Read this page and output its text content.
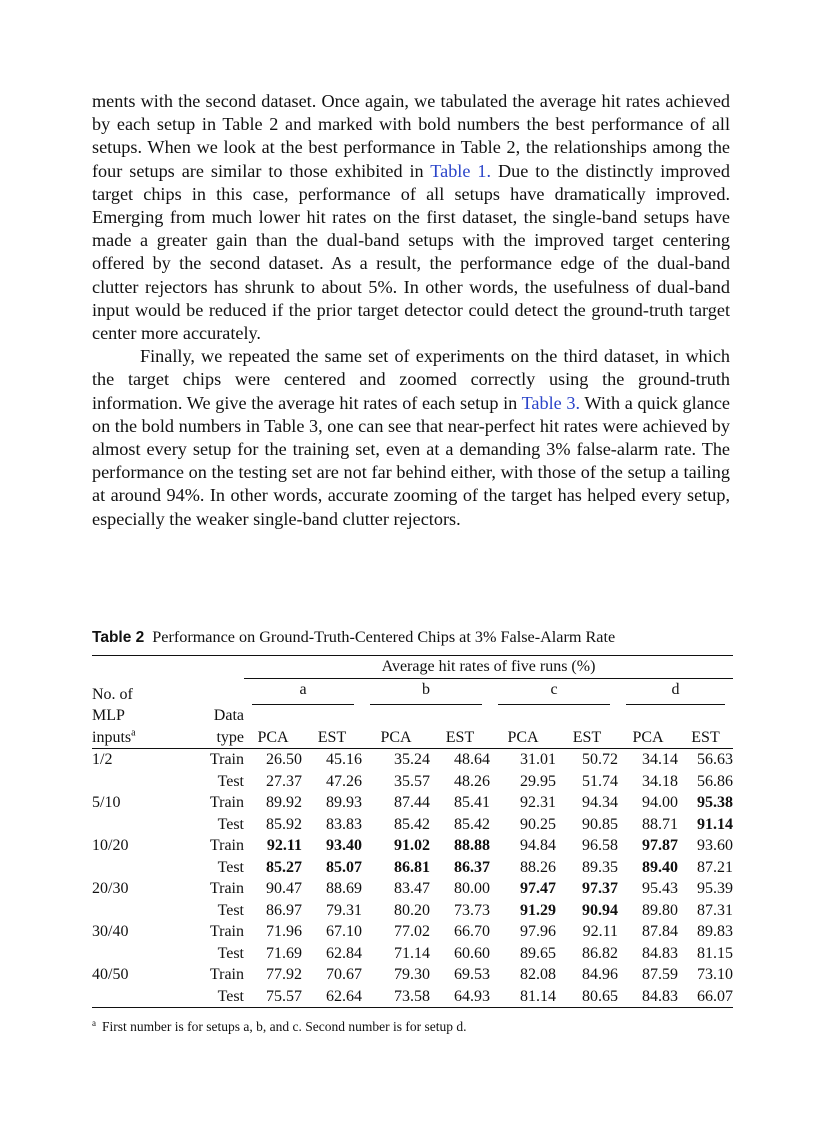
ments with the second dataset. Once again, we tabulated the average hit rates achieved by each setup in Table 2 and marked with bold numbers the best performance of all setups. When we look at the best performance in Table 2, the relationships among the four setups are similar to those exhibited in Table 1. Due to the distinctly improved target chips in this case, performance of all setups have dramatically improved. Emerging from much lower hit rates on the first dataset, the single-band setups have made a greater gain than the dual-band setups with the improved target centering offered by the second dataset. As a result, the performance edge of the dual-band clutter rejectors has shrunk to about 5%. In other words, the usefulness of dual-band input would be reduced if the prior target detector could detect the ground-truth target center more accurately.

Finally, we repeated the same set of experiments on the third dataset, in which the target chips were centered and zoomed correctly using the ground-truth information. We give the average hit rates of each setup in Table 3. With a quick glance on the bold numbers in Table 3, one can see that near-perfect hit rates were achieved by almost every setup for the training set, even at a demanding 3% false-alarm rate. The performance on the testing set are not far behind either, with those of the setup a tailing at around 94%. In other words, accurate zooming of the target has helped every setup, especially the weaker single-band clutter rejectors.

Table 2 Performance on Ground-Truth-Centered Chips at 3% False-Alarm Rate

		Average hit rates of five runs (%)							
No. of		a		b		c		d	

MLP	Data								
inputs$^a$	type	PCA	EST	PCA	EST	PCA	EST	PCA	EST

1/2	Train	26.50	45.16	35.24	48.64	31.01	50.72	34.14	56.63
	Test	27.37	47.26	35.57	48.26	29.95	51.74	34.18	56.86
5/10	Train	89.92	89.93	87.44	85.41	92.31	94.34	94.00	95.38
	Test	85.92	83.83	85.42	85.42	90.25	90.85	88.71	91.14
10/20	Train	92.11	93.40	91.02	88.88	94.84	96.58	97.87	93.60
	Test	85.27	85.07	86.81	86.37	88.26	89.35	89.40	87.21
20/30	Train	90.47	88.69	83.47	80.00	97.47	97.37	95.43	95.39
	Test	86.97	79.31	80.20	73.73	91.29	90.94	89.80	87.31
30/40	Train	71.96	67.10	77.02	66.70	97.96	92.11	87.84	89.83
	Test	71.69	62.84	71.14	60.60	89.65	86.82	84.83	81.15
40/50	Train	77.92	70.67	79.30	69.53	82.08	84.96	87.59	73.10
	Test	75.57	62.64	73.58	64.93	81.14	80.65	84.83	66.07
$^a$ First number is for setups a, b, and c. Second number is for setup d.
